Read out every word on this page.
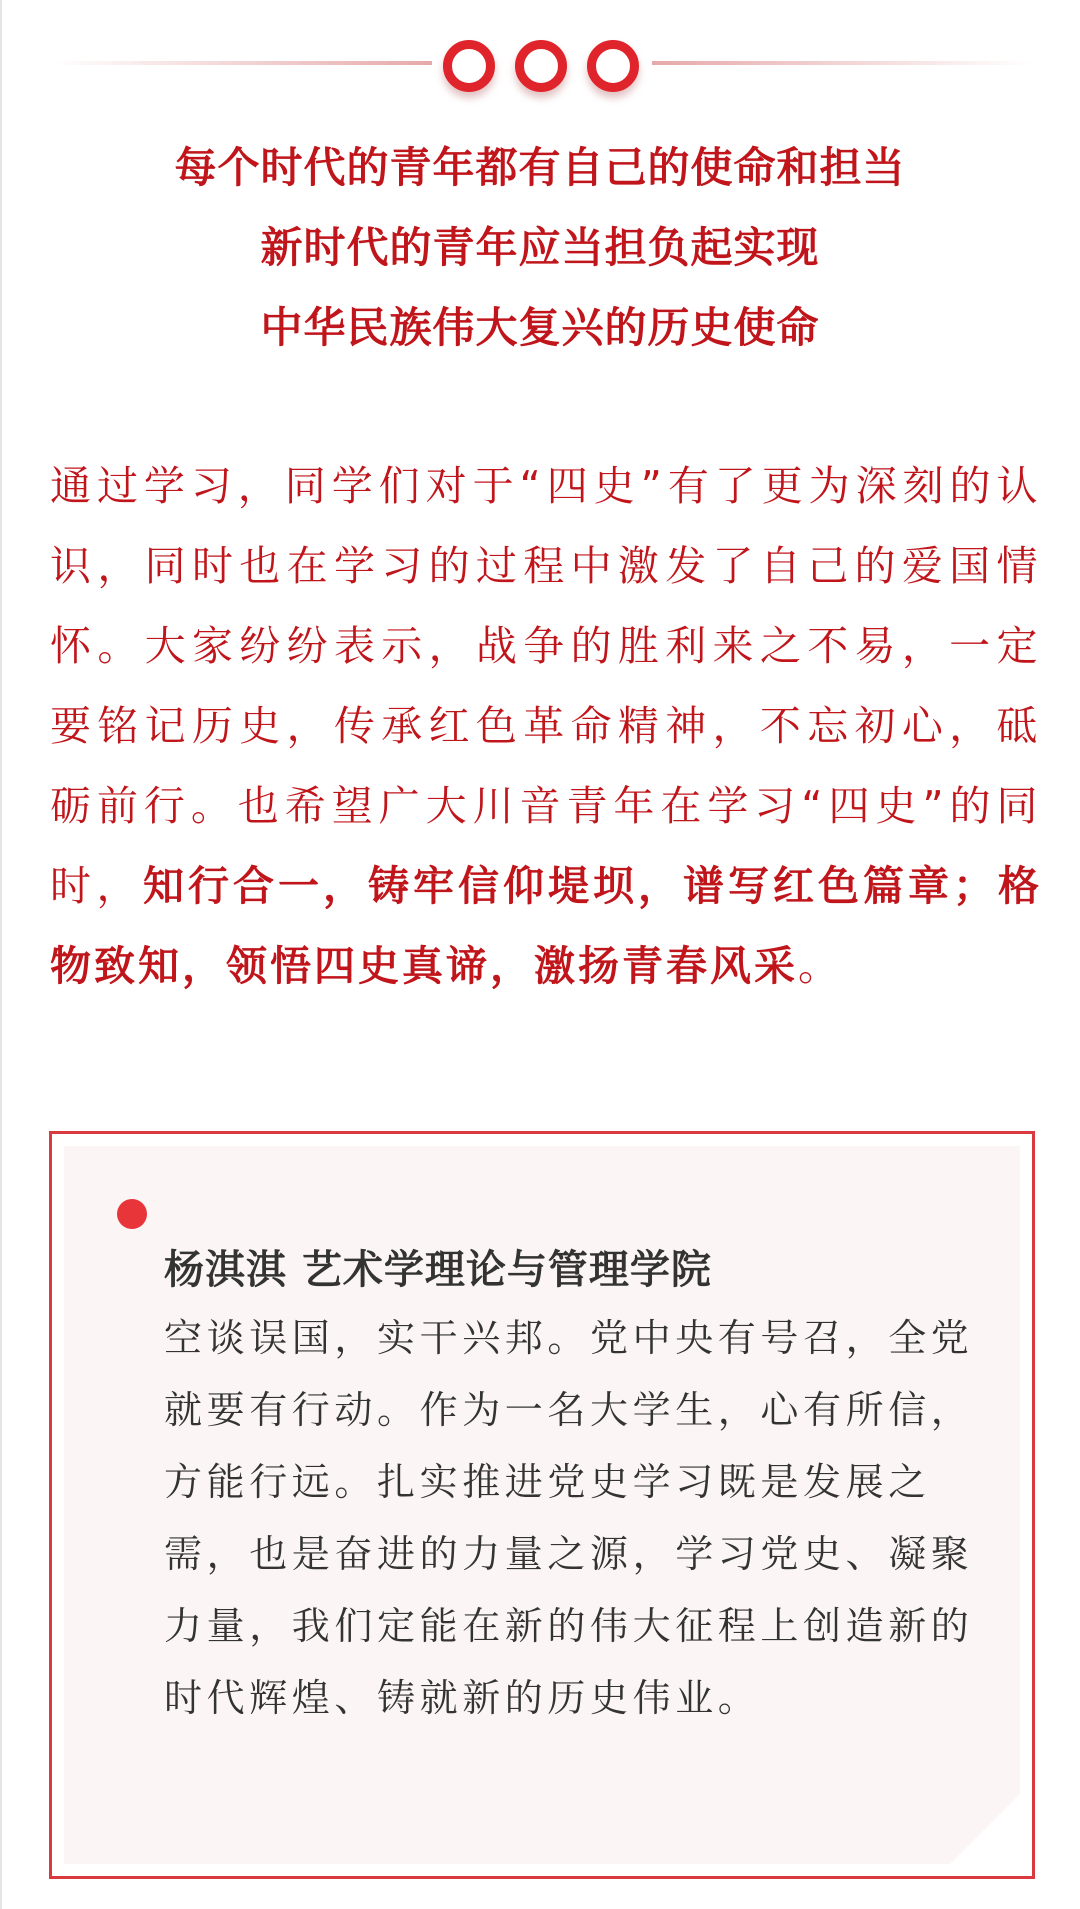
每个时代的青年都有自己的使命和担当
新时代的青年应当担负起实现
中华民族伟大复兴的历史使命
通过学习，同学们对于“四史”有了更为深刻的认识，同时也在学习的过程中激发了自己的爱国情怀。大家纷纷表示，战争的胜利来之不易，一定要铭记历史，传承红色革命精神，不忘初心，砥砺前行。也希望广大川音青年在学习“四史”的同时，知行合一，铸牢信仰堤坝，谱写红色篇章；格物致知，领悟四史真谛，激扬青春风采。
杨淇淇 艺术学理论与管理学院
空谈误国，实干兴邦。党中央有号召，全党就要有行动。作为一名大学生，心有所信，方能行远。扎实推进党史学习既是发展之需，也是奋进的力量之源，学习党史、凝聚力量，我们定能在新的伟大征程上创造新的时代辉煌、铸就新的历史伟业。
